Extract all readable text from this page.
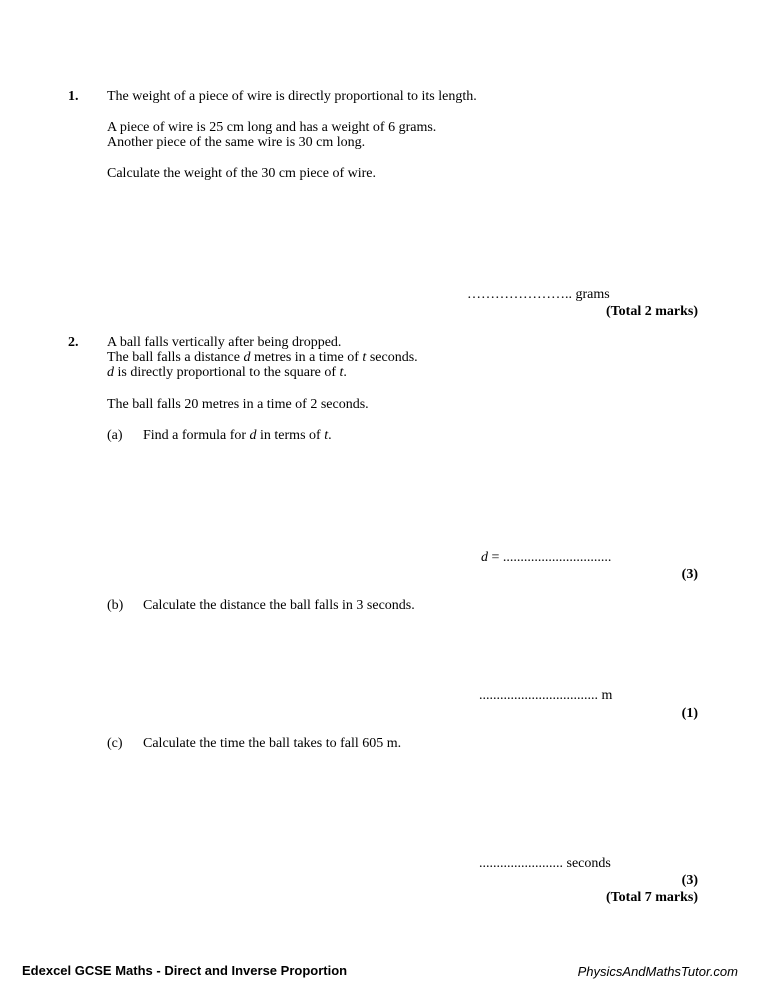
1. The weight of a piece of wire is directly proportional to its length.
A piece of wire is 25 cm long and has a weight of 6 grams.
Another piece of the same wire is 30 cm long.
Calculate the weight of the 30 cm piece of wire.
………………….. grams
(Total 2 marks)
2. A ball falls vertically after being dropped.
The ball falls a distance d metres in a time of t seconds.
d is directly proportional to the square of t.
The ball falls 20 metres in a time of 2 seconds.
(a) Find a formula for d in terms of t.
d = ...............................
(3)
(b) Calculate the distance the ball falls in 3 seconds.
.................................. m
(1)
(c) Calculate the time the ball takes to fall 605 m.
........................ seconds
(3)
(Total 7 marks)
Edexcel GCSE Maths - Direct and Inverse Proportion	PhysicsAndMathsTutor.com
